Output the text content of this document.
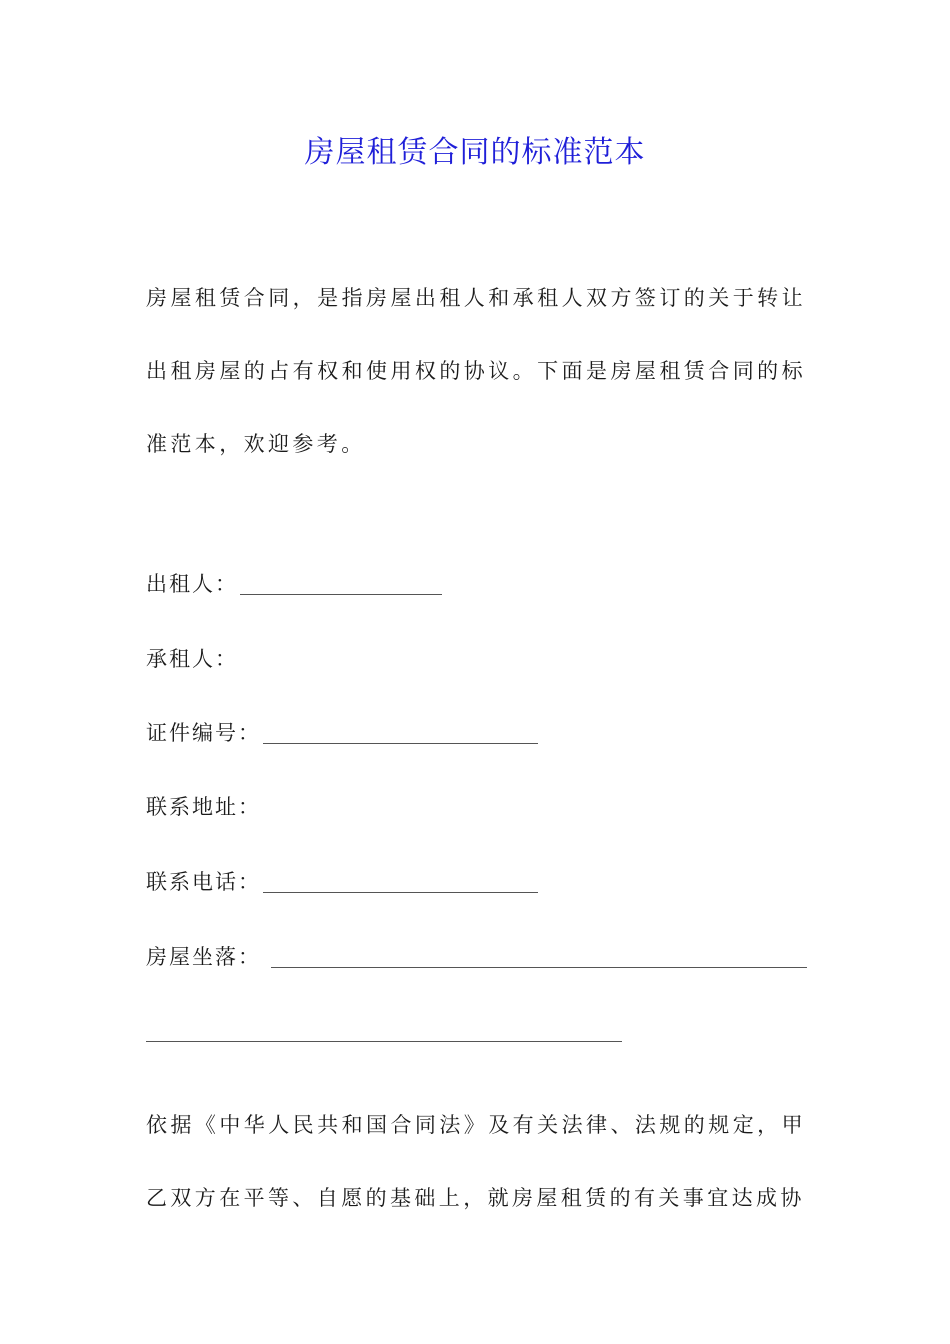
房屋租赁合同的标准范本

房屋租赁合同，是指房屋出租人和承租人双方签订的关于转让出租房屋的占有权和使用权的协议。下面是房屋租赁合同的标准范本，欢迎参考。

出租人：
承租人：
证件编号：
联系地址：
联系电话：
房屋坐落：

依据《中华人民共和国合同法》及有关法律、法规的规定，甲乙双方在平等、自愿的基础上，就房屋租赁的有关事宜达成协
